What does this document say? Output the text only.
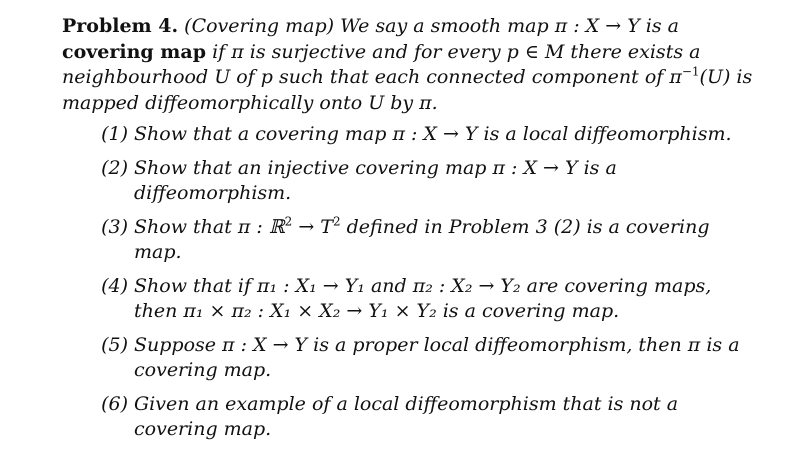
Problem 4. (Covering map) We say a smooth map π : X → Y is a covering map if π is surjective and for every p ∈ M there exists a neighbourhood U of p such that each connected component of $\pi^{-1}(U)$ is mapped diffeomorphically onto U by π.
(1) Show that a covering map π : X → Y is a local diffeomorphism.
(2) Show that an injective covering map π : X → Y is a diffeomorphism.
(3) Show that π : ℝ$^2$ → $T^2$ defined in Problem 3 (2) is a covering map.
(4) Show that if π₁ : X₁ → Y₁ and π₂ : X₂ → Y₂ are covering maps, then π₁ × π₂ : X₁ × X₂ → Y₁ × Y₂ is a covering map.
(5) Suppose π : X → Y is a proper local diffeomorphism, then π is a covering map.
(6) Given an example of a local diffeomorphism that is not a covering map.
